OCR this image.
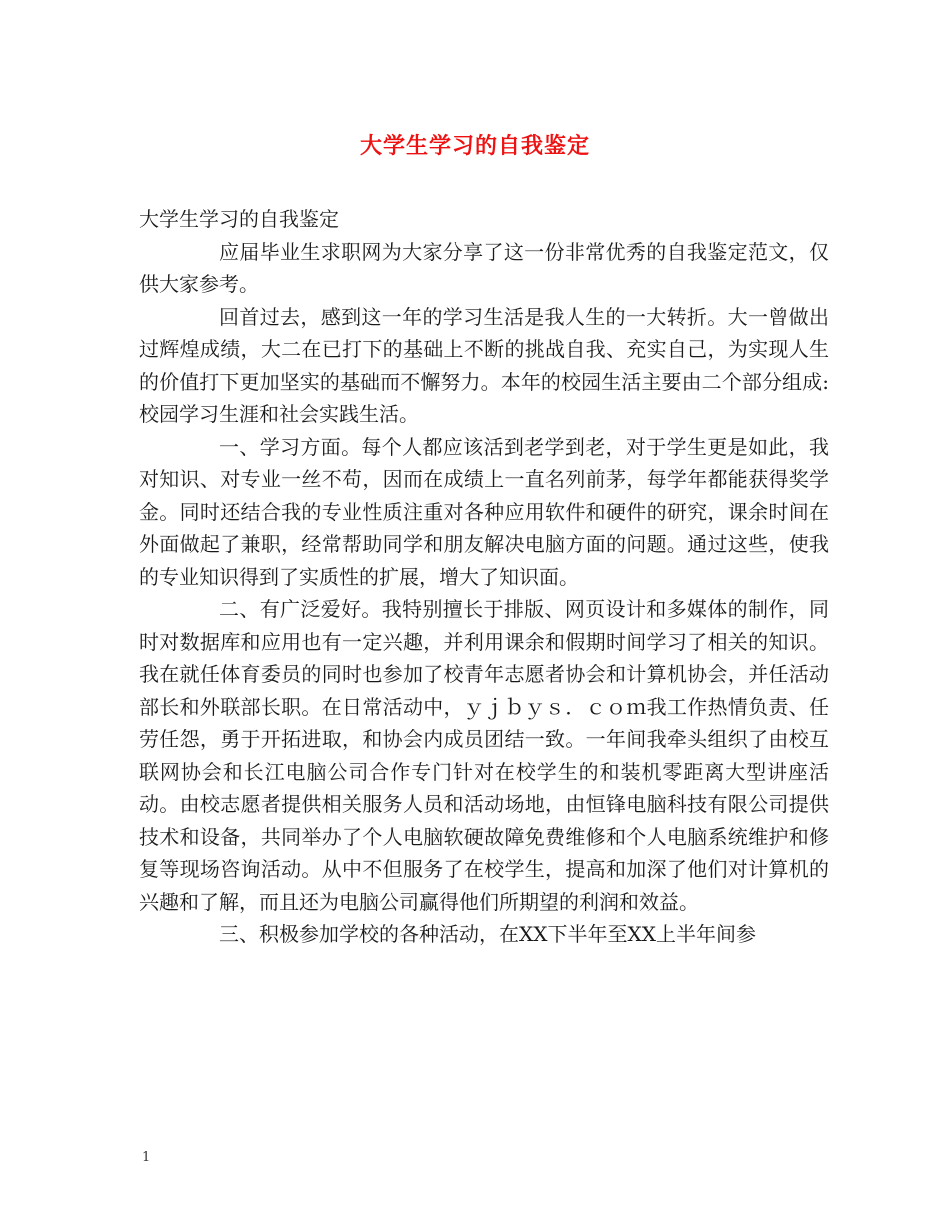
大学生学习的自我鉴定

大学生学习的自我鉴定

应届毕业生求职网为大家分享了这一份非常优秀的自我鉴定范文，仅供大家参考。

回首过去，感到这一年的学习生活是我人生的一大转折。大一曾做出过辉煌成绩，大二在已打下的基础上不断的挑战自我、充实自己，为实现人生的价值打下更加坚实的基础而不懈努力。本年的校园生活主要由二个部分组成:校园学习生涯和社会实践生活。

一、学习方面。每个人都应该活到老学到老，对于学生更是如此，我对知识、对专业一丝不苟，因而在成绩上一直名列前茅，每学年都能获得奖学金。同时还结合我的专业性质注重对各种应用软件和硬件的研究，课余时间在外面做起了兼职，经常帮助同学和朋友解决电脑方面的问题。通过这些，使我的专业知识得到了实质性的扩展，增大了知识面。

二、有广泛爱好。我特别擅长于排版、网页设计和多媒体的制作，同时对数据库和应用也有一定兴趣，并利用课余和假期时间学习了相关的知识。我在就任体育委员的同时也参加了校青年志愿者协会和计算机协会，并任活动部长和外联部长职。在日常活动中，ｙｊｂｙｓ．ｃｏｍ我工作热情负责、任劳任怨，勇于开拓进取，和协会内成员团结一致。一年间我牵头组织了由校互联网协会和长江电脑公司合作专门针对在校学生的和装机零距离大型讲座活动。由校志愿者提供相关服务人员和活动场地，由恒锋电脑科技有限公司提供技术和设备，共同举办了个人电脑软硬故障免费维修和个人电脑系统维护和修复等现场咨询活动。从中不但服务了在校学生，提高和加深了他们对计算机的兴趣和了解，而且还为电脑公司赢得他们所期望的利润和效益。

三、积极参加学校的各种活动，在XX下半年至XX上半年间参

1
